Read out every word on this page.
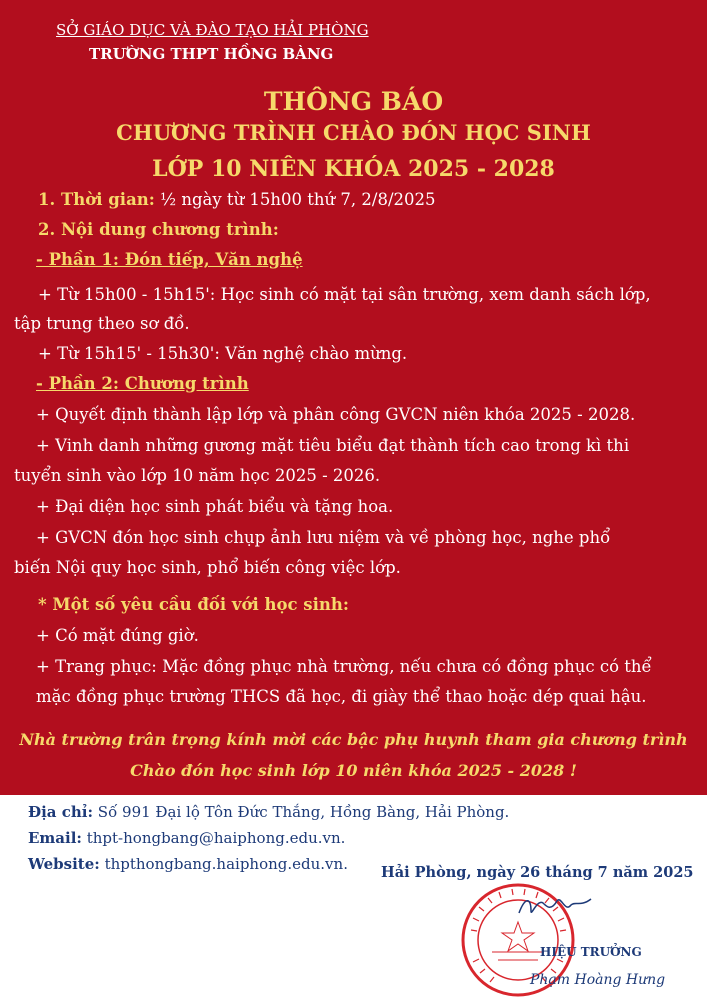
SỞ GIÁO DỤC VÀ ĐÀO TẠO HẢI PHÒNG
TRƯỜNG THPT HỒNG BÀNG
THÔNG BÁO
CHƯƠNG TRÌNH CHÀO ĐÓN HỌC SINH
LỚP 10 NIÊN KHÓA 2025 - 2028
1. Thời gian: ½ ngày từ 15h00 thứ 7, 2/8/2025
2. Nội dung chương trình:
- Phần 1: Đón tiếp, Văn nghệ
+ Từ 15h00 - 15h15': Học sinh có mặt tại sân trường, xem danh sách lớp,
tập trung theo sơ đồ.
+ Từ 15h15' - 15h30': Văn nghệ chào mừng.
- Phần 2: Chương trình
+ Quyết định thành lập lớp và phân công GVCN niên khóa 2025 - 2028.
+ Vinh danh những gương mặt tiêu biểu đạt thành tích cao trong kì thi
tuyển sinh vào lớp 10 năm học 2025 - 2026.
+ Đại diện học sinh phát biểu và tặng hoa.
+ GVCN đón học sinh chụp ảnh lưu niệm và về phòng học, nghe phổ
biến Nội quy học sinh, phổ biến công việc lớp.
* Một số yêu cầu đối với học sinh:
+ Có mặt đúng giờ.
+ Trang phục: Mặc đồng phục nhà trường, nếu chưa có đồng phục có thể
mặc đồng phục trường THCS đã học, đi giày thể thao hoặc dép quai hậu.
Nhà trường trân trọng kính mời các bậc phụ huynh tham gia chương trình
Chào đón học sinh lớp 10 niên khóa 2025 - 2028 !
Địa chỉ: Số 991 Đại lộ Tôn Đức Thắng, Hồng Bàng, Hải Phòng.
Email: thpt-hongbang@haiphong.edu.vn.
Website: thpthongbang.haiphong.edu.vn. Hải Phòng, ngày 26 tháng 7 năm 2025
HIỆU TRƯỞNG
Phạm Hoàng Hưng
